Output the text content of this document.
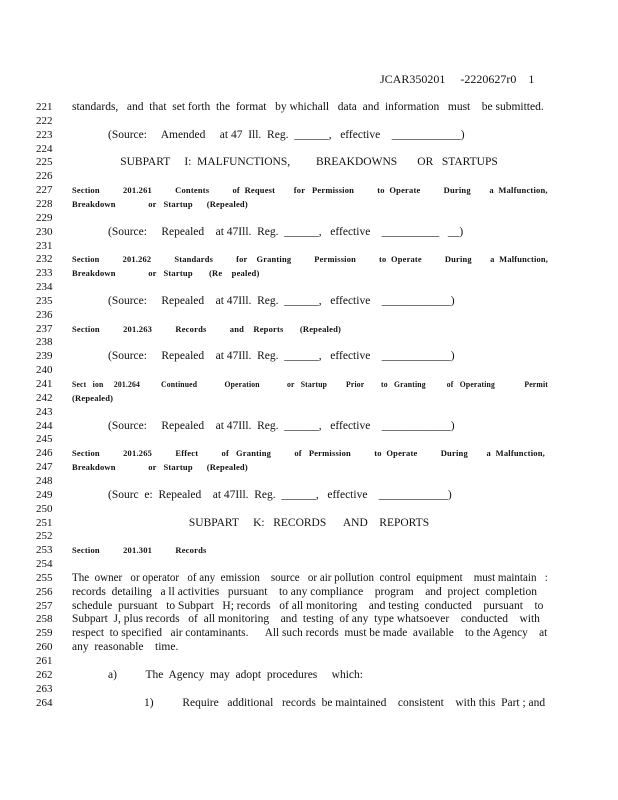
JCAR350201     -2220627r0    1
221	standards,   and  that  set forth  the  format   by whichall   data  and  information   must    be submitted.
222
223	(Source:     Amended     at 47  Ill.  Reg.  ______,   effective    ____________)
224
225	SUBPART     I:  MALFUNCTIONS,         BREAKDOWNS       OR   STARTUPS
226
227	Section          201.261          Contents          of  Request        for   Permission          to  Operate          During        a  Malfunction,
228	Breakdown              or   Startup      (Repealed)
229
230	(Source:     Repealed    at 47Ill.  Reg.  ______,   effective    __________   __)
231
232	Section          201.262          Standards          for    Granting          Permission          to  Operate          During        a  Malfunction,
233	Breakdown              or   Startup       (Re    pealed)
234
235	(Source:     Repealed    at 47Ill.  Reg.  ______,   effective    ____________)
236
237	Section          201.263          Records          and    Reports       (Repealed)
238
239	(Source:     Repealed    at 47Ill.  Reg.  ______,   effective    ____________)
240
241	Sect   ion     201.264          Continued             Operation             or   Startup         Prior        to   Granting          of   Operating              Permit
242	(Repealed)
243
244	(Source:     Repealed    at 47Ill.  Reg.  ______,   effective    ____________)
245
246	Section          201.265          Effect          of   Granting          of   Permission          to  Operate          During        a  Malfunction,
247	Breakdown              or   Startup      (Repealed)
248
249	(Sourc  e:  Repealed    at 47Ill.  Reg.  ______,   effective    ____________)
250
251	SUBPART     K:   RECORDS      AND    REPORTS
252
253	Section          201.301          Records
254
255	The  owner   or operator   of any  emission    source   or air pollution  control  equipment    must maintain   :
256	records  detailing   a ll activities   pursuant    to any compliance    program    and  project  completion
257	schedule  pursuant   to Subpart   H; records   of all monitoring    and testing  conducted    pursuant    to
258	Subpart  J, plus records   of  all monitoring    and  testing  of any  type whatsoever    conducted    with
259	respect  to specified   air contaminants.      All such records  must be made  available    to the Agency    at
260	any  reasonable    time.
261
262	a)          The  Agency  may  adopt  procedures     which:
263
264	1)          Require   additional   records  be maintained    consistent    with this  Part ; and
